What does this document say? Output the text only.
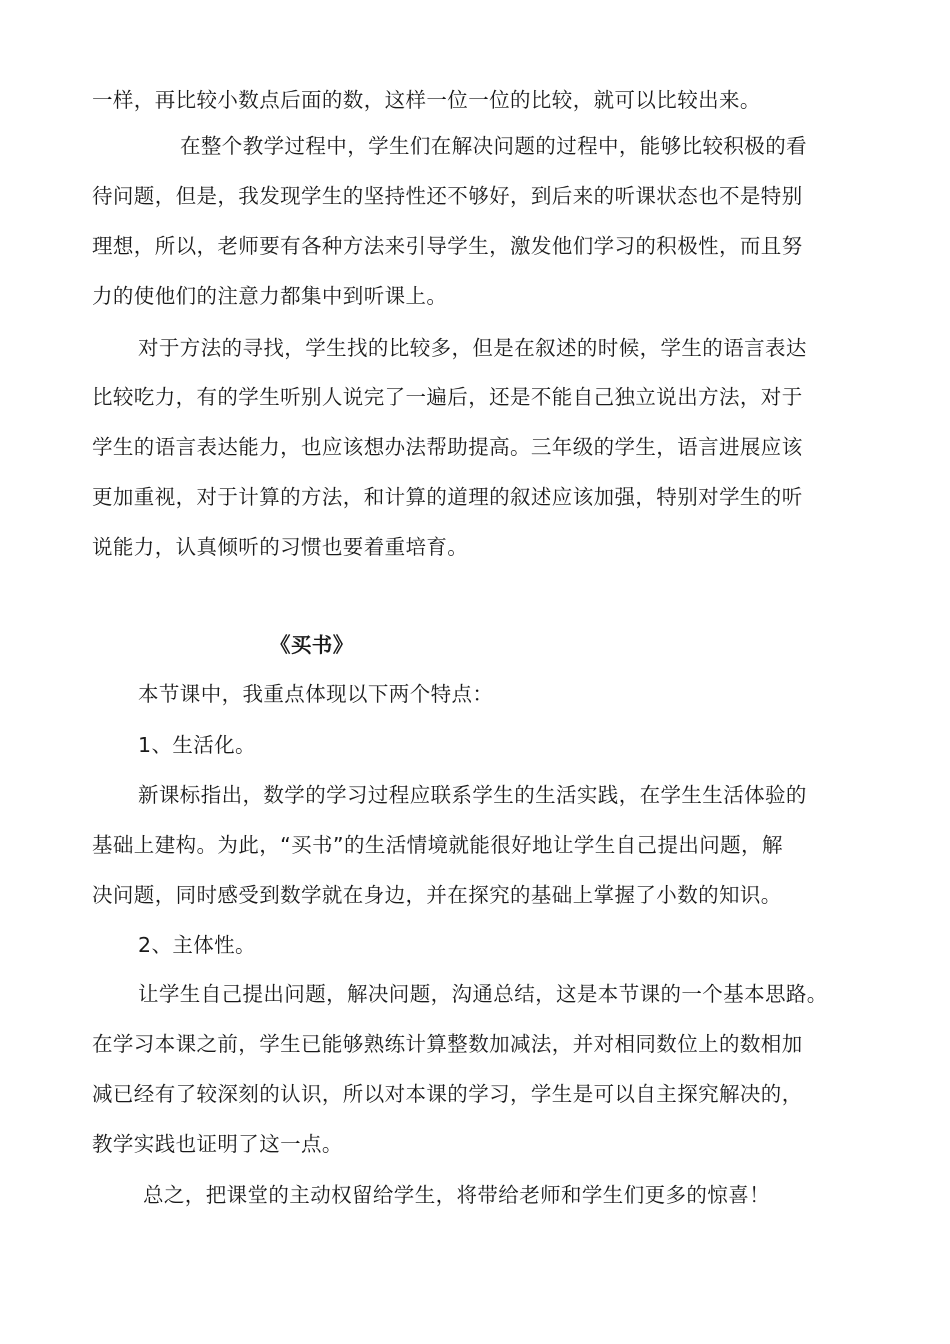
一样，再比较小数点后面的数，这样一位一位的比较，就可以比较出来。
在整个教学过程中，学生们在解决问题的过程中，能够比较积极的看
待问题，但是，我发现学生的坚持性还不够好，到后来的听课状态也不是特别
理想，所以，老师要有各种方法来引导学生，激发他们学习的积极性，而且努
力的使他们的注意力都集中到听课上。
对于方法的寻找，学生找的比较多，但是在叙述的时候，学生的语言表达
比较吃力，有的学生听别人说完了一遍后，还是不能自己独立说出方法，对于
学生的语言表达能力，也应该想办法帮助提高。三年级的学生，语言进展应该
更加重视，对于计算的方法，和计算的道理的叙述应该加强，特别对学生的听
说能力，认真倾听的习惯也要着重培育。
《买书》
本节课中，我重点体现以下两个特点：
1、生活化。
新课标指出，数学的学习过程应联系学生的生活实践，在学生生活体验的
基础上建构。为此，“买书”的生活情境就能很好地让学生自己提出问题，解
决问题，同时感受到数学就在身边，并在探究的基础上掌握了小数的知识。
2、主体性。
让学生自己提出问题，解决问题，沟通总结，这是本节课的一个基本思路。
在学习本课之前，学生已能够熟练计算整数加减法，并对相同数位上的数相加
减已经有了较深刻的认识，所以对本课的学习，学生是可以自主探究解决的，
教学实践也证明了这一点。
总之，把课堂的主动权留给学生，将带给老师和学生们更多的惊喜！
